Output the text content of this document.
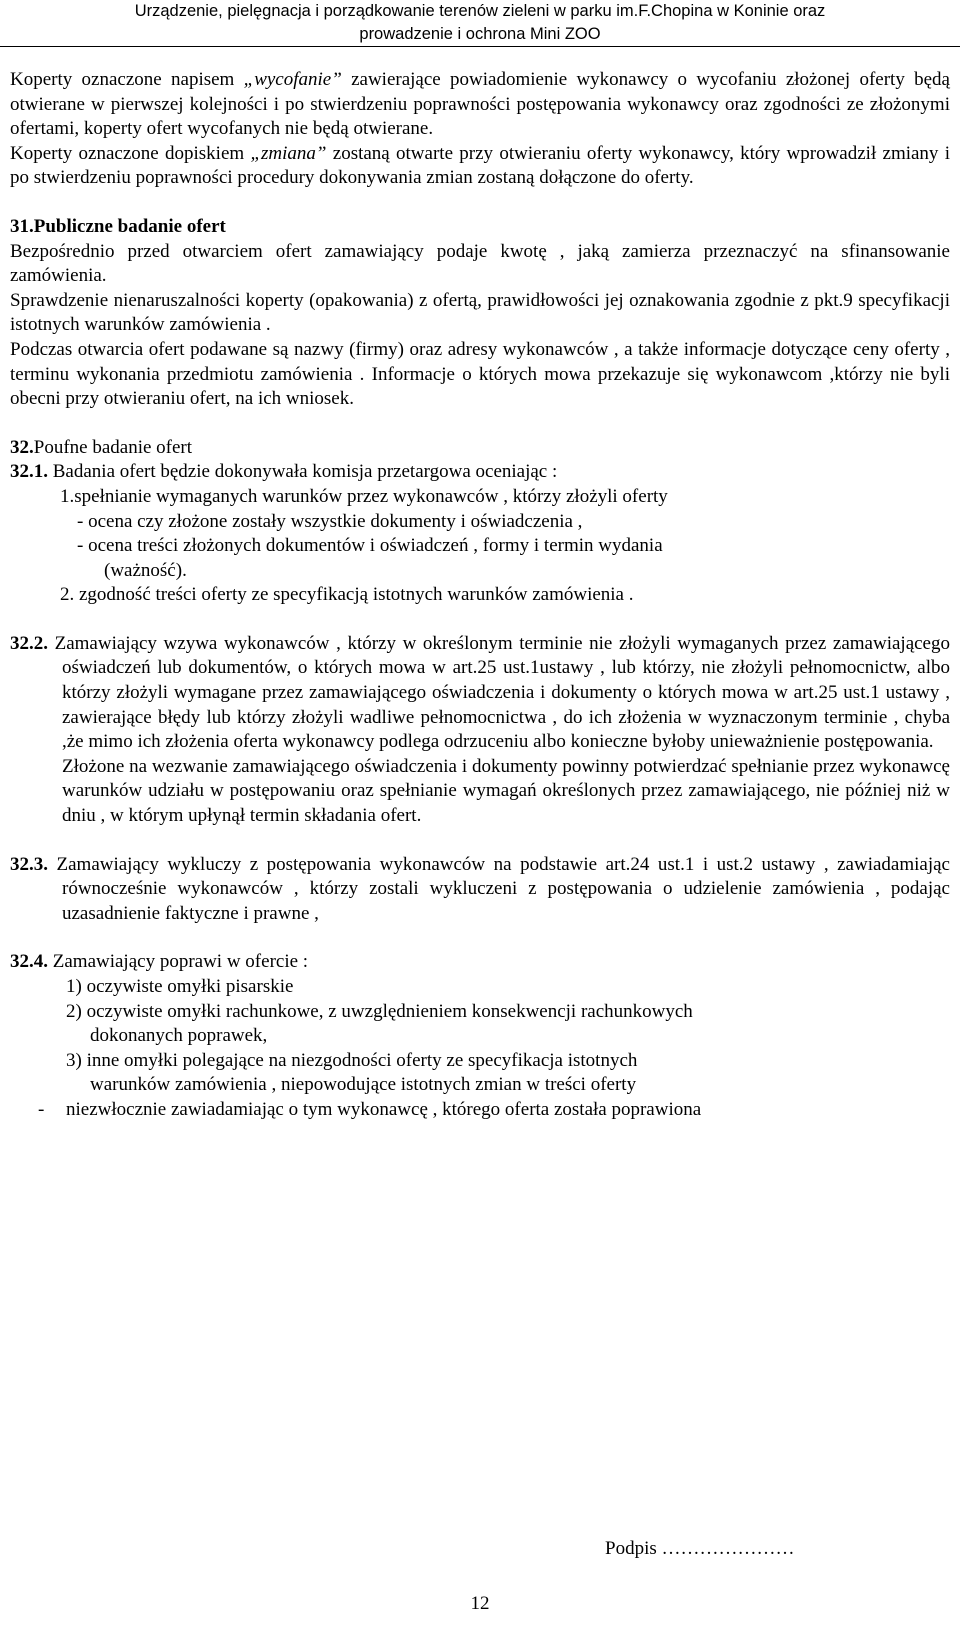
Urządzenie, pielęgnacja i porządkowanie terenów zieleni w parku im.F.Chopina w Koninie oraz
prowadzenie i ochrona Mini ZOO

Koperty oznaczone napisem „wycofanie” zawierające powiadomienie wykonawcy o wycofaniu złożonej oferty będą otwierane w pierwszej kolejności i po stwierdzeniu poprawności postępowania wykonawcy oraz zgodności ze złożonymi ofertami, koperty ofert wycofanych nie będą otwierane.

Koperty oznaczone dopiskiem „zmiana” zostaną otwarte przy otwieraniu oferty wykonawcy, który wprowadził zmiany i po stwierdzeniu poprawności procedury dokonywania zmian zostaną dołączone do oferty.

31.Publiczne badanie ofert

Bezpośrednio przed otwarciem ofert zamawiający podaje kwotę , jaką zamierza przeznaczyć na sfinansowanie zamówienia.

Sprawdzenie nienaruszalności koperty (opakowania) z ofertą, prawidłowości jej oznakowania zgodnie z pkt.9 specyfikacji istotnych warunków zamówienia .

Podczas otwarcia ofert podawane są nazwy (firmy) oraz adresy wykonawców , a także informacje dotyczące ceny oferty , terminu wykonania przedmiotu zamówienia . Informacje o których mowa przekazuje się wykonawcom ,którzy nie byli obecni przy otwieraniu ofert, na ich wniosek.

32.Poufne badanie ofert

32.1. Badania ofert będzie dokonywała komisja przetargowa oceniając :

1.spełnianie wymaganych warunków przez wykonawców , którzy złożyli oferty

- ocena czy złożone zostały wszystkie dokumenty i oświadczenia ,

- ocena treści złożonych dokumentów i oświadczeń , formy i termin wydania

(ważność).

2. zgodność treści oferty ze specyfikacją istotnych warunków zamówienia .

32.2. Zamawiający wzywa wykonawców , którzy w określonym terminie nie złożyli wymaganych przez zamawiającego oświadczeń lub dokumentów, o których mowa w art.25 ust.1ustawy , lub którzy, nie złożyli pełnomocnictw, albo którzy złożyli wymagane przez zamawiającego oświadczenia i dokumenty o których mowa w art.25 ust.1 ustawy , zawierające błędy lub którzy złożyli wadliwe pełnomocnictwa , do ich złożenia w wyznaczonym terminie , chyba ,że mimo ich złożenia oferta wykonawcy podlega odrzuceniu albo konieczne byłoby unieważnienie postępowania.

Złożone na wezwanie zamawiającego oświadczenia i dokumenty powinny potwierdzać spełnianie przez wykonawcę warunków udziału w postępowaniu oraz spełnianie wymagań określonych przez zamawiającego, nie później niż w dniu , w którym upłynął termin składania ofert.

32.3. Zamawiający wykluczy z postępowania wykonawców na podstawie art.24 ust.1 i ust.2 ustawy , zawiadamiając równocześnie wykonawców , którzy zostali wykluczeni z postępowania o udzielenie zamówienia , podając uzasadnienie faktyczne i prawne ,

32.4. Zamawiający poprawi w ofercie :

1) oczywiste omyłki pisarskie

2) oczywiste omyłki rachunkowe, z uwzględnieniem konsekwencji rachunkowych

dokonanych poprawek,

3) inne omyłki polegające na niezgodności oferty ze specyfikacja istotnych

warunków zamówienia , niepowodujące istotnych zmian w treści oferty

-	niezwłocznie zawiadamiając o tym wykonawcę , którego oferta została poprawiona
Podpis …………………
12
